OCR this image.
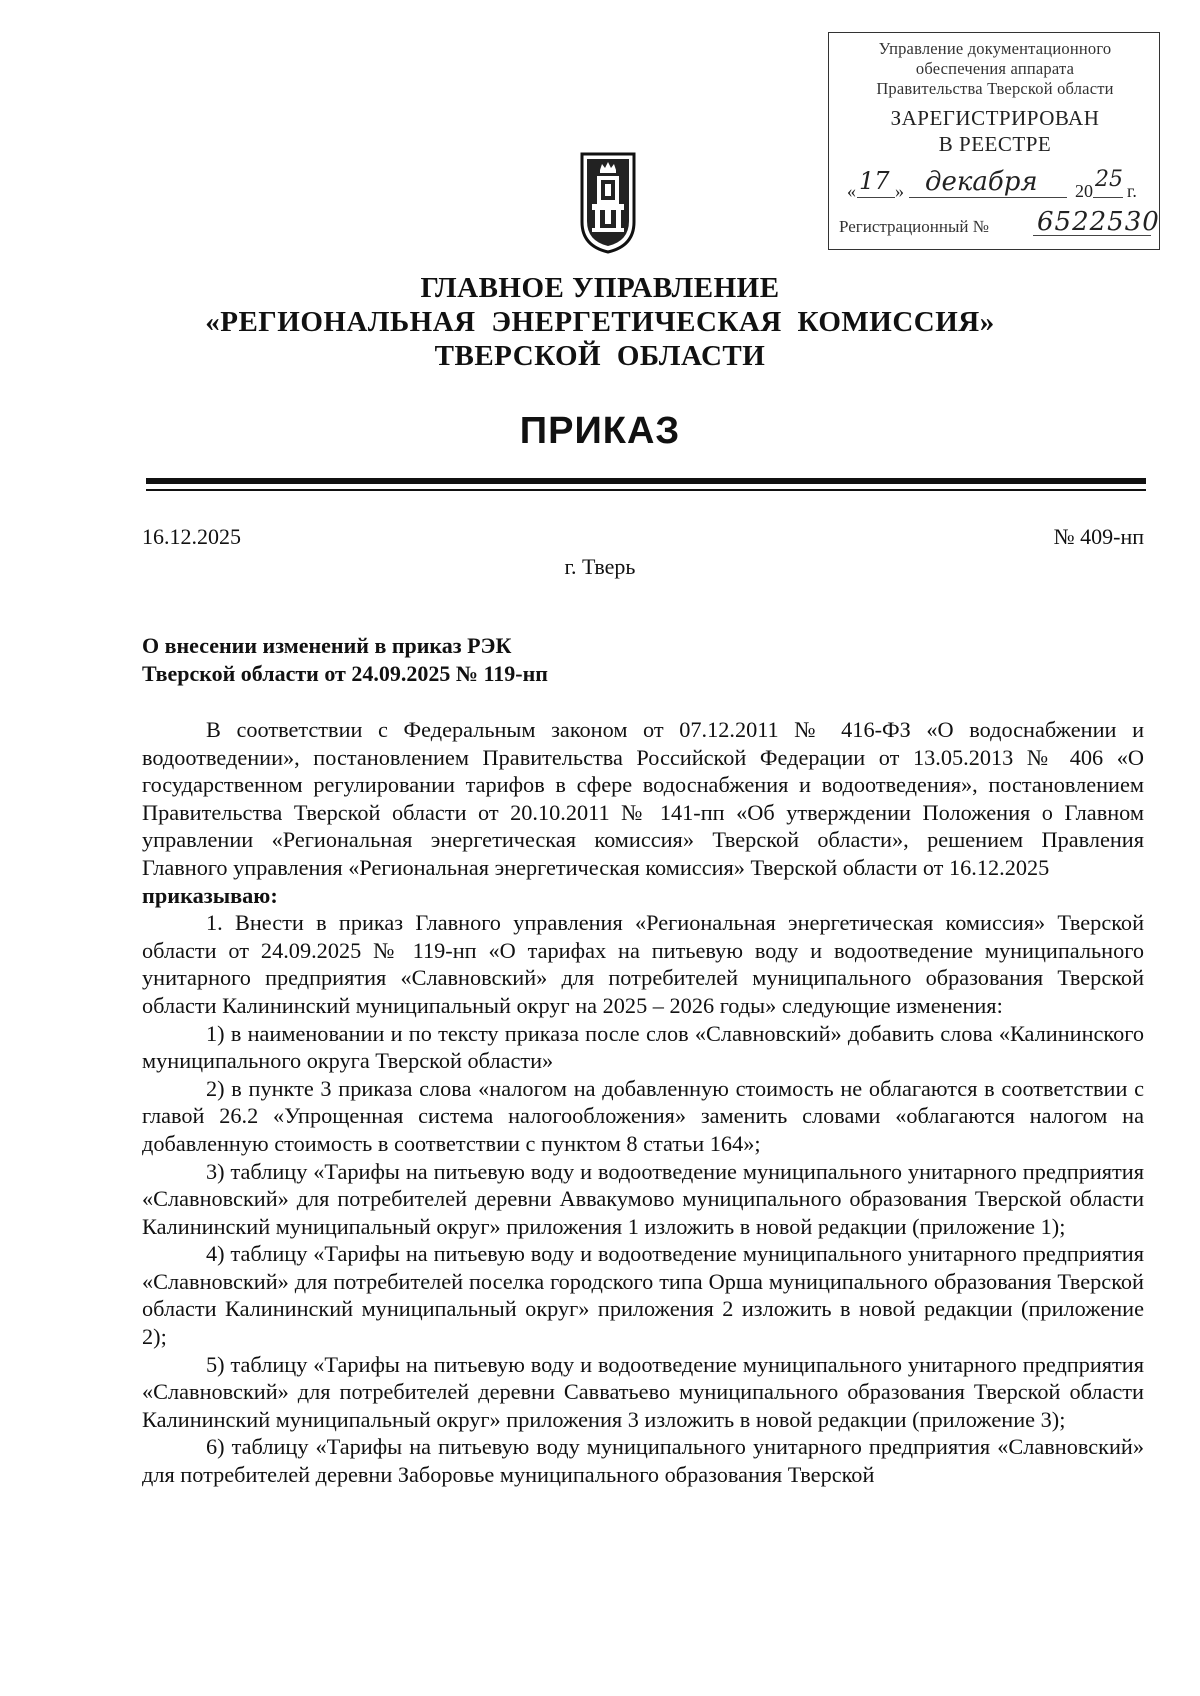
Управление документационного
обеспечения аппарата
Правительства Тверской области
ЗАРЕГИСТРИРОВАН
В РЕЕСТРЕ
« 17 » декабря 20 25 г.
Регистрационный № 6522530
ГЛАВНОЕ УПРАВЛЕНИЕ
«РЕГИОНАЛЬНАЯ ЭНЕРГЕТИЧЕСКАЯ КОМИССИЯ»
ТВЕРСКОЙ ОБЛАСТИ
ПРИКАЗ
16.12.2025	№ 409-нп
г. Тверь
О внесении изменений в приказ РЭК
Тверской области от 24.09.2025 № 119-нп

В соответствии с Федеральным законом от 07.12.2011 № 416-ФЗ «О водоснабжении и водоотведении», постановлением Правительства Российской Федерации от 13.05.2013 № 406 «О государственном регулировании тарифов в сфере водоснабжения и водоотведения», постановлением Правительства Тверской области от 20.10.2011 № 141-пп «Об утверждении Положения о Главном управлении «Региональная энергетическая комиссия» Тверской области», решением Правления Главного управления «Региональная энергетическая комиссия» Тверской области от 16.12.2025

приказываю:

1. Внести в приказ Главного управления «Региональная энергетическая комиссия» Тверской области от 24.09.2025 № 119-нп «О тарифах на питьевую воду и водоотведение муниципального унитарного предприятия «Славновский» для потребителей муниципального образования Тверской области Калининский муниципальный округ на 2025 – 2026 годы» следующие изменения:

1) в наименовании и по тексту приказа после слов «Славновский» добавить слова «Калининского муниципального округа Тверской области»

2) в пункте 3 приказа слова «налогом на добавленную стоимость не облагаются в соответствии с главой 26.2 «Упрощенная система налогообложения» заменить словами «облагаются налогом на добавленную стоимость в соответствии с пунктом 8 статьи 164»;

3) таблицу «Тарифы на питьевую воду и водоотведение муниципального унитарного предприятия «Славновский» для потребителей деревни Аввакумово муниципального образования Тверской области Калининский муниципальный округ» приложения 1 изложить в новой редакции (приложение 1);

4) таблицу «Тарифы на питьевую воду и водоотведение муниципального унитарного предприятия «Славновский» для потребителей поселка городского типа Орша муниципального образования Тверской области Калининский муниципальный округ» приложения 2 изложить в новой редакции (приложение 2);

5) таблицу «Тарифы на питьевую воду и водоотведение муниципального унитарного предприятия «Славновский» для потребителей деревни Савватьево муниципального образования Тверской области Калининский муниципальный округ» приложения 3 изложить в новой редакции (приложение 3);

6) таблицу «Тарифы на питьевую воду муниципального унитарного предприятия «Славновский» для потребителей деревни Заборовье муниципального образования Тверской
